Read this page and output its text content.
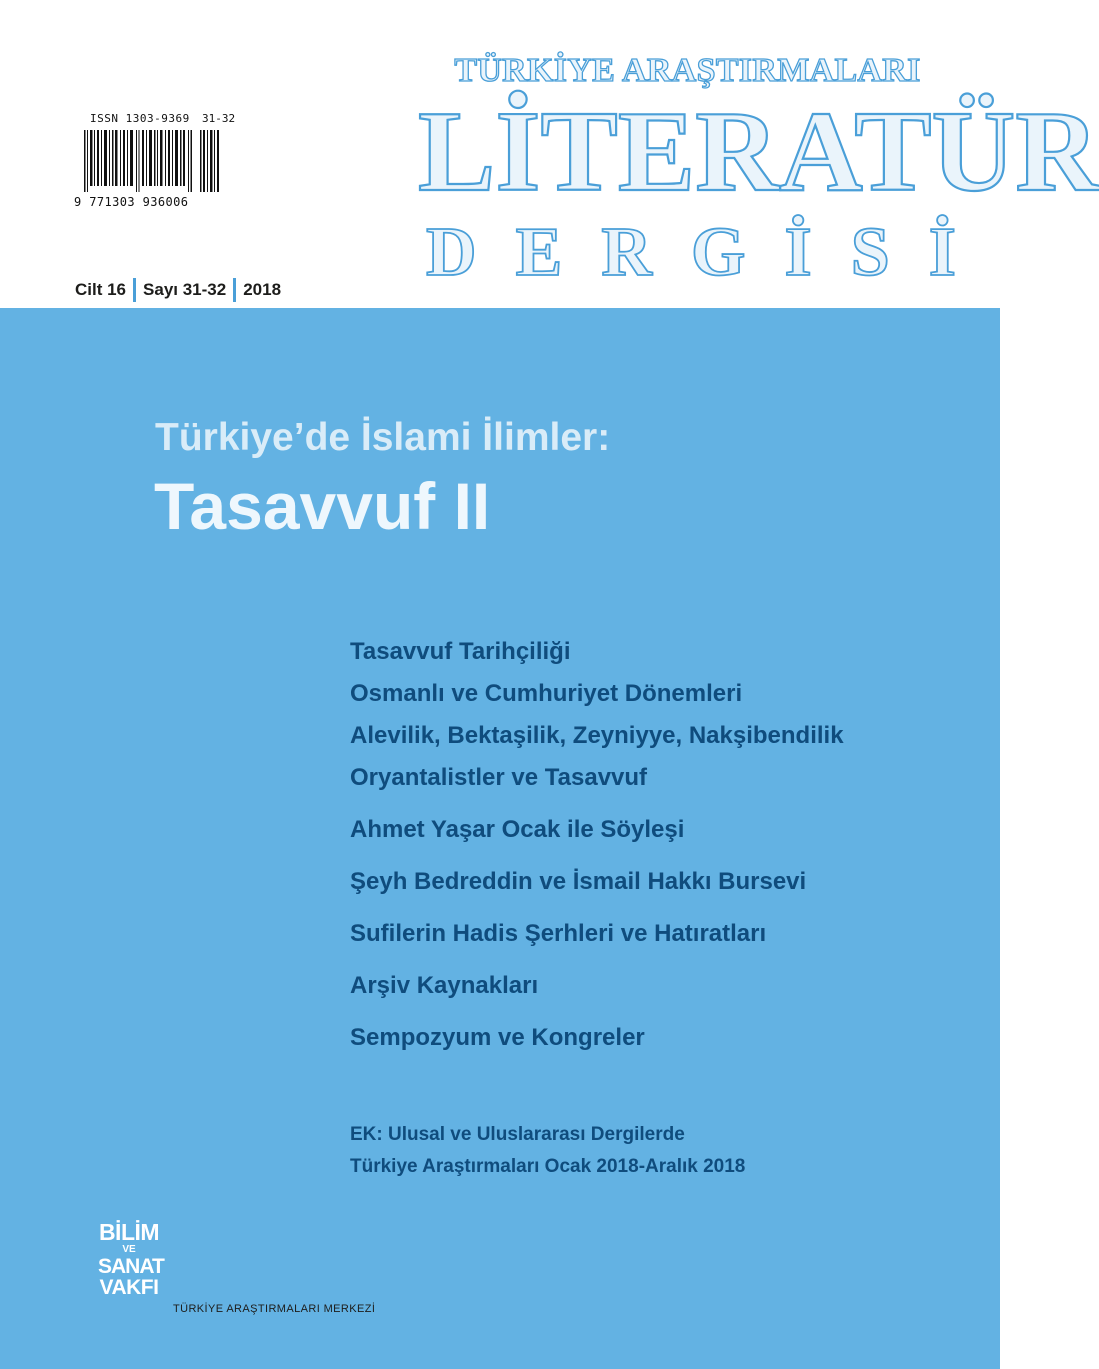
ISSN 1303-9369 31-32
9 771303 936006
Cilt 16 Sayı 31-32 2018
TÜRKİYE ARAŞTIRMALARI
LİTERATÜR
D E R G İ S İ
Türkiye’de İslami İlimler:
Tasavvuf II
Tasavvuf Tarihçiliği
Osmanlı ve Cumhuriyet Dönemleri
Alevilik, Bektaşilik, Zeyniyye, Nakşibendilik
Oryantalistler ve Tasavvuf
Ahmet Yaşar Ocak ile Söyleşi
Şeyh Bedreddin ve İsmail Hakkı Bursevi
Sufilerin Hadis Şerhleri ve Hatıratları
Arşiv Kaynakları
Sempozyum ve Kongreler
EK: Ulusal ve Uluslararası Dergilerde
Türkiye Araştırmaları Ocak 2018-Aralık 2018
BİLİM
VE
SANAT
VAKFI
TÜRKİYE ARAŞTIRMALARI MERKEZİ
